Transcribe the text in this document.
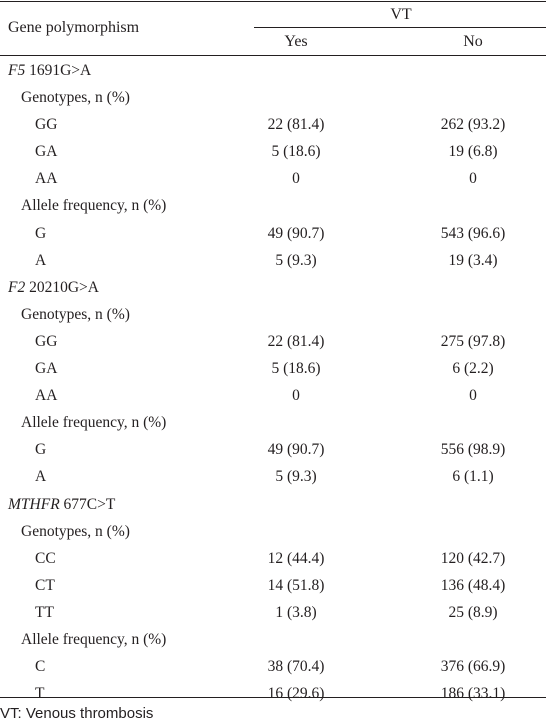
Gene polymorphism
VT
Yes	No
F5 1691G>A
Genotypes, n (%)
GG	22 (81.4)	262 (93.2)
GA	5 (18.6)	19 (6.8)
AA	0	0
Allele frequency, n (%)
G	49 (90.7)	543 (96.6)
A	5 (9.3)	19 (3.4)
F2 20210G>A
Genotypes, n (%)
GG	22 (81.4)	275 (97.8)
GA	5 (18.6)	6 (2.2)
AA	0	0
Allele frequency, n (%)
G	49 (90.7)	556 (98.9)
A	5 (9.3)	6 (1.1)
MTHFR 677C>T
Genotypes, n (%)
CC	12 (44.4)	120 (42.7)
CT	14 (51.8)	136 (48.4)
TT	1 (3.8)	25 (8.9)
Allele frequency, n (%)
C	38 (70.4)	376 (66.9)
T	16 (29.6)	186 (33.1)
VT: Venous thrombosis
